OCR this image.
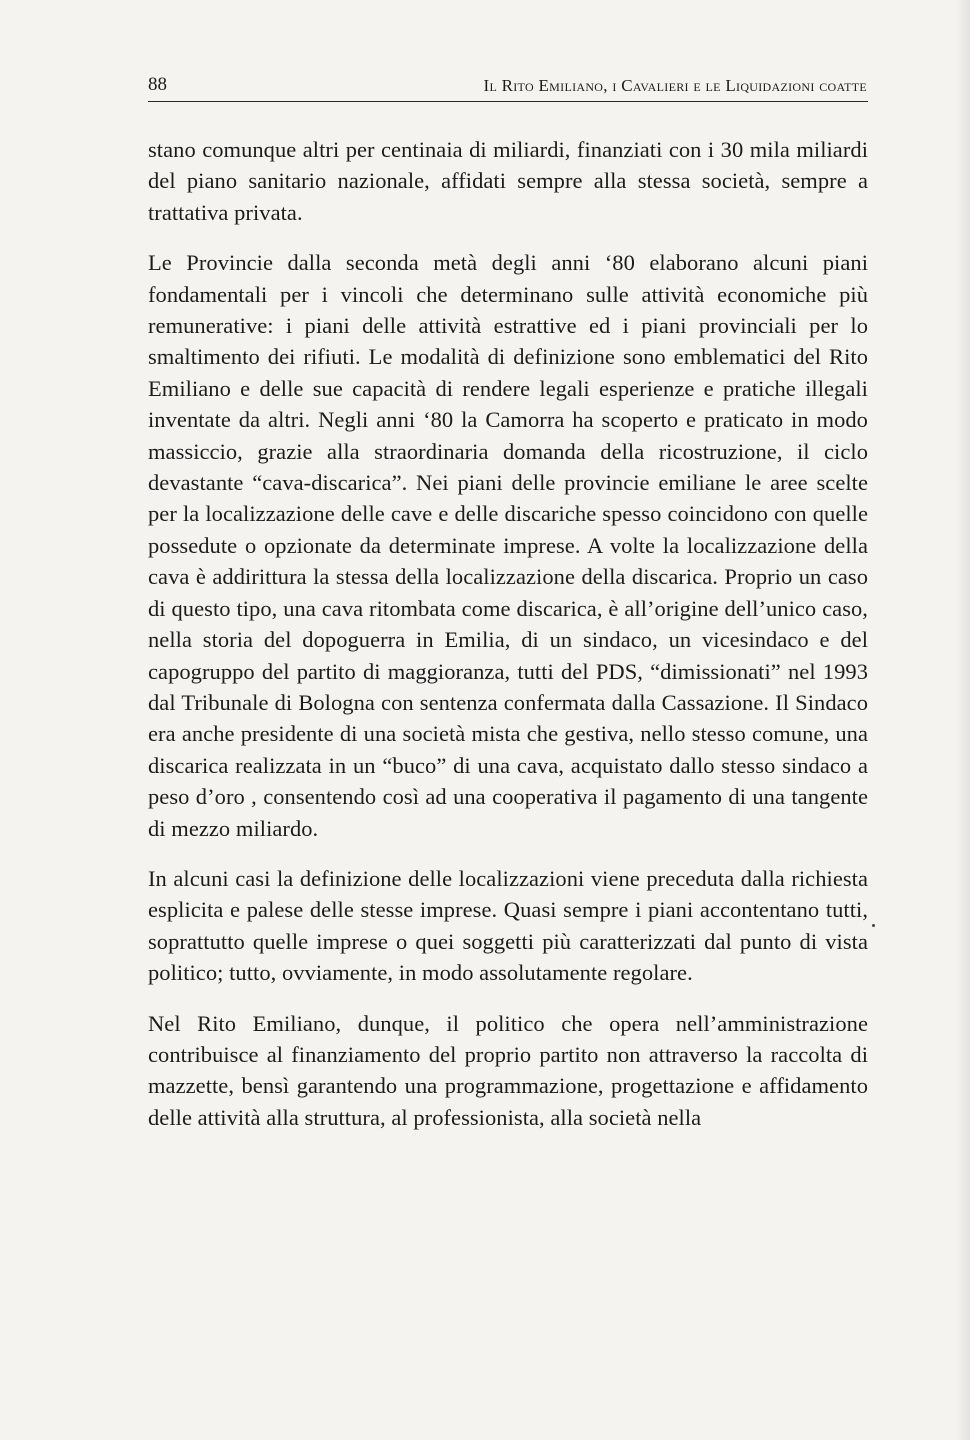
88	Il Rito Emiliano, i Cavalieri e le Liquidazioni coatte

stano comunque altri per centinaia di miliardi, finanziati con i 30 mila miliardi del piano sanitario nazionale, affidati sempre alla stessa società, sempre a trattativa privata.

Le Provincie dalla seconda metà degli anni ‘80 elaborano alcuni piani fondamentali per i vincoli che determinano sulle attività economiche più remunerative: i piani delle attività estrattive ed i piani provinciali per lo smaltimento dei rifiuti. Le modalità di definizione sono emblematici del Rito Emiliano e delle sue capacità di rendere legali esperienze e pratiche illegali inventate da altri. Negli anni ‘80 la Camorra ha scoperto e praticato in modo massiccio, grazie alla straordinaria domanda della ricostruzione, il ciclo devastante “cava-discarica”. Nei piani delle provincie emiliane le aree scelte per la localizzazione delle cave e delle discariche spesso coincidono con quelle possedute o opzionate da determinate imprese. A volte la localizzazione della cava è addirittura la stessa della localizzazione della discarica. Proprio un caso di questo tipo, una cava ritombata come discarica, è all’origine dell’unico caso, nella storia del dopoguerra in Emilia, di un sindaco, un vicesindaco e del capogruppo del partito di maggioranza, tutti del PDS, “dimissionati” nel 1993 dal Tribunale di Bologna con sentenza confermata dalla Cassazione. Il Sindaco era anche presidente di una società mista che gestiva, nello stesso comune, una discarica realizzata in un “buco” di una cava, acquistato dallo stesso sindaco a peso d’oro , consentendo così ad una cooperativa il pagamento di una tangente di mezzo miliardo.

In alcuni casi la definizione delle localizzazioni viene preceduta dalla richiesta esplicita e palese delle stesse imprese. Quasi sempre i piani accontentano tutti, soprattutto quelle imprese o quei soggetti più caratterizzati dal punto di vista politico; tutto, ovviamente, in modo assolutamente regolare.

Nel Rito Emiliano, dunque, il politico che opera nell’amministrazione contribuisce al finanziamento del proprio partito non attraverso la raccolta di mazzette, bensì garantendo una programmazione, progettazione e affidamento delle attività alla struttura, al professionista, alla società nella
